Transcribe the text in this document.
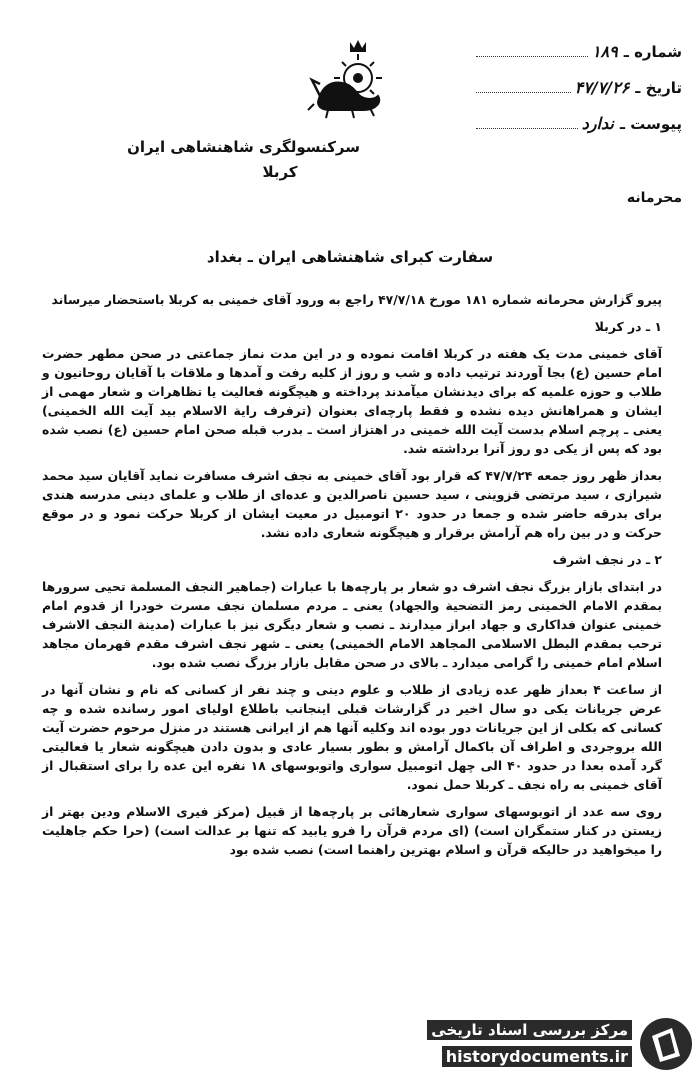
شماره ـ
۱۸۹
تاریخ ـ
۴۷/۷/۲۶
پیوست ـ
ندارد
سرکنسولگری شاهنشاهی ایران
کربلا
محرمانه
سفارت کبرای شاهنشاهی ایران ـ بغداد

پیرو گزارش محرمانه شماره ۱۸۱ مورخ ۴۷/۷/۱۸ راجع به ورود آقای خمینی به کربلا باستحضار میرساند

۱ ـ در کربلا

آقای خمینی مدت یک هفته در کربلا اقامت نموده و در این مدت نماز جماعتی در صحن مطهر حضرت امام حسین (ع) بجا آوردند ترتیب داده و شب و روز از کلیه رفت و آمدها و ملاقات با آقایان روحانیون و طلاب و حوزه علمیه که برای دیدنشان میآمدند پرداخته و هیچگونه فعالیت یا تظاهرات و شعار مهمی از ایشان و همراهانش دیده نشده و فقط پارچه‌ای بعنوان (ترفرف رایة الاسلام بید آیت الله الخمینی) یعنی ـ پرچم اسلام بدست آیت الله خمینی در اهتزاز است ـ بدرب قبله صحن امام حسین (ع) نصب شده بود که پس از یکی دو روز آنرا برداشته شد.

بعداز ظهر روز جمعه ۴۷/۷/۲۴ که قرار بود آقای خمینی به نجف اشرف مسافرت نماید آقایان سید محمد شیرازی ، سید مرتضی قزوینی ، سید حسین ناصرالدین و عده‌ای از طلاب و علمای دینی مدرسه هندی برای بدرقه حاضر شده و جمعا در حدود ۲۰ اتومبیل در معیت ایشان از کربلا حرکت نمود و در موقع حرکت و در بین راه هم آرامش برقرار و هیچگونه شعاری داده نشد.

۲ ـ در نجف اشرف

در ابتدای بازار بزرگ نجف اشرف دو شعار بر پارچه‌ها با عبارات (جماهیر النجف المسلمة تحیی سرورها بمقدم الامام الخمینی رمز التضحیة والجهاد) یعنی ـ مردم مسلمان نجف مسرت خودرا از قدوم امام خمینی عنوان فداکاری و جهاد ابراز میدارند ـ نصب و شعار دیگری نیز با عبارات (مدینة النجف الاشرف ترحب بمقدم البطل الاسلامی المجاهد الامام الخمینی) یعنی ـ شهر نجف اشرف مقدم قهرمان مجاهد اسلام امام خمینی را گرامی میدارد ـ بالای در صحن مقابل بازار بزرگ نصب شده بود.

از ساعت ۴ بعداز ظهر عده زیادی از طلاب و علوم دینی و چند نفر از کسانی که نام و نشان آنها در عرض جریانات یکی دو سال اخیر در گزارشات قبلی اینجانب باطلاع اولیای امور رسانده شده و چه کسانی که بکلی از این جریانات دور بوده اند وکلیه آنها هم از ایرانی هستند در منزل مرحوم حضرت آیت الله بروجردی و اطراف آن باکمال آرامش و بطور بسیار عادی و بدون دادن هیچگونه شعار یا فعالیتی گرد آمده بعدا در حدود ۴۰ الی چهل اتومبیل سواری واتوبوسهای ۱۸ نفره این عده را برای استقبال از آقای خمینی به راه نجف ـ کربلا حمل نمود.

روی سه عدد از اتوبوسهای سواری شعارهائی بر پارچه‌ها از قبیل (مرکز فیری الاسلام ودین بهتر از زیستن در کنار ستمگران است) (ای مردم قرآن را فرو یابید که تنها بر عدالت است) (حرا حکم جاهلیت را میخواهید در حالیکه قرآن و اسلام بهترین راهنما است) نصب شده بود

مرکز بررسی اسناد تاریخی
historydocuments.ir
